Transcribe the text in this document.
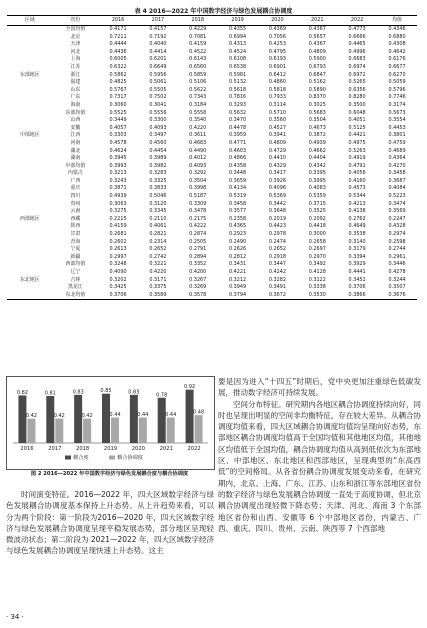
表 4 2016—2022 年中国数字经济与绿色发展耦合协调度
区域	省份	2016	2017	2018	2019	2020	2021	2022	均值
	全国均值	0.4171	0.4157	0.4229	0.4355	0.4369	0.4367	0.4773	0.4346
	北京	0.7211	0.7192	0.7081	0.6994	0.7056	0.5657	0.6666	0.6880
	天津	0.4444	0.4040	0.4159	0.4313	0.4253	0.4367	0.4465	0.4308
	河北	0.4436	0.4414	0.4522	0.4524	0.4795	0.4809	0.4996	0.4642
	上海	0.6005	0.6201	0.6143	0.6108	0.6193	0.5900	0.6683	0.6176
	江苏	0.6322	0.6649	0.6560	0.6538	0.6901	0.6793	0.6974	0.6677
东部地区	浙江	0.5862	0.5956	0.5859	0.5981	0.6412	0.6847	0.6972	0.6270
	福建	0.4825	0.5061	0.5106	0.5132	0.4860	0.5162	0.5265	0.5059
	山东	0.5767	0.5505	0.5622	0.5618	0.5818	0.5890	0.6356	0.5796
	广东	0.7317	0.7502	0.7343	0.7816	0.7933	0.8370	0.8280	0.7746
	海南	0.3060	0.3041	0.3184	0.3293	0.3114	0.3025	0.3500	0.3174
	东部均值	0.5525	0.5556	0.5558	0.5632	0.5710	0.5683	0.6048	0.5673
	山西	0.3449	0.3300	0.3540	0.3470	0.3560	0.3504	0.4051	0.3554
	安徽	0.4057	0.4093	0.4220	0.4478	0.4527	0.4673	0.5125	0.4453
中部地区	江西	0.3303	0.3497	0.3611	0.3959	0.3941	0.3872	0.4421	0.3801
	河南	0.4578	0.4560	0.4683	0.4771	0.4809	0.4939	0.4975	0.4759
	湖北	0.4624	0.4454	0.4490	0.4603	0.4729	0.4662	0.5263	0.4689
	湖南	0.3945	0.3989	0.4012	0.4866	0.4410	0.4404	0.4919	0.4364
	中部均值	0.3993	0.3982	0.4093	0.4358	0.4329	0.4342	0.4791	0.4270
	内蒙古	0.3213	0.3283	0.3292	0.3448	0.3417	0.3395	0.4056	0.3458
	广西	0.3243	0.3325	0.3504	0.3659	0.3926	0.3995	0.4160	0.3687
	重庆	0.3871	0.3833	0.3998	0.4134	0.4096	0.4083	0.4573	0.4084
	四川	0.4939	0.5046	0.5187	0.5319	0.5369	0.5359	0.5344	0.5223
	贵州	0.3063	0.3120	0.3309	0.3458	0.3442	0.3715	0.4213	0.3474
	云南	0.3275	0.3345	0.3478	0.3577	0.3648	0.3525	0.4138	0.3569
西部地区	西藏	0.2215	0.2110	0.2175	0.2358	0.2019	0.2092	0.2762	0.2247
	陕西	0.4159	0.4061	0.4222	0.4365	0.4423	0.4418	0.4649	0.4328
	甘肃	0.2681	0.2821	0.2874	0.2923	0.2978	0.3000	0.3538	0.2974
	青海	0.2602	0.2314	0.2505	0.2490	0.2474	0.2658	0.3140	0.2598
	宁夏	0.2613	0.2652	0.2791	0.2626	0.2652	0.2697	0.3179	0.2744
	新疆	0.2997	0.2742	0.2894	0.2812	0.2918	0.2970	0.3394	0.2961
	西部均值	0.3248	0.3221	0.3352	0.3431	0.3447	0.3492	0.3929	0.3446
	辽宁	0.4090	0.4220	0.4200	0.4221	0.4242	0.4128	0.4441	0.4278
东北地区	吉林	0.3202	0.3171	0.3267	0.3212	0.3282	0.3122	0.3452	0.3244
	黑龙江	0.3425	0.3375	0.3269	0.3949	0.3491	0.3338	0.3706	0.3507
	东北均值	0.3706	0.3589	0.3578	0.3794	0.3672	0.3530	0.3866	0.3676
0.82
0.42
2016
0.81
0.42
2017
0.83
0.42
2018
0.85
0.44
2019
0.83
0.44
2020
0.78
0.44
2021
0.92
0.48
2022
耦合度	耦合协调度
图 2 2016—2022 年中国数字经济与绿色发展耦合度与耦合协调度

时间演变特征。2016—2022 年，四大区域数字经济与绿色发展耦合协调度基本保持上升态势。从上升趋势来看，可以分为两个阶段：第一阶段为2016—2020 年，四大区域数字经济与绿色发展耦合协调度呈现平稳发展态势，部分地区呈现轻微波动状态；第二阶段为 2021—2022 年，四大区域数字经济与绿色发展耦合协调度呈现快速上升态势。这主

要是因为进入“十四五”时期后，党中央更加注重绿色低碳发展，推动数字经济可持续发展。

空间分布特征。研究期内各地区耦合协调度持续向好，同时也呈现出明显的空间非均衡特征，存在较大差异。从耦合协调度均值来看，四大区域耦合协调度均值均呈现向好态势，东部地区耦合协调度均值高于全国均值和其他地区均值，其他地区均值低于全国均值，耦合协调度均值从高到低依次为东部地区、中部地区、东北地区和西部地区，呈现典型的“东高西低”的空间格局。从各省份耦合协调度发展变动来看，在研究期内，北京、上海、广东、江苏、山东和浙江等东部地区省份的数字经济与绿色发展耦合协调度一直处于高度协调，但北京耦合协调度出现轻微下降态势；天津、河北、海南 3 个东部地区省份和山西、安徽等 6 个中部地区省份，内蒙古、广西、重庆、四川、贵州、云南、陕西等 7 个西部地

· 34 ·
